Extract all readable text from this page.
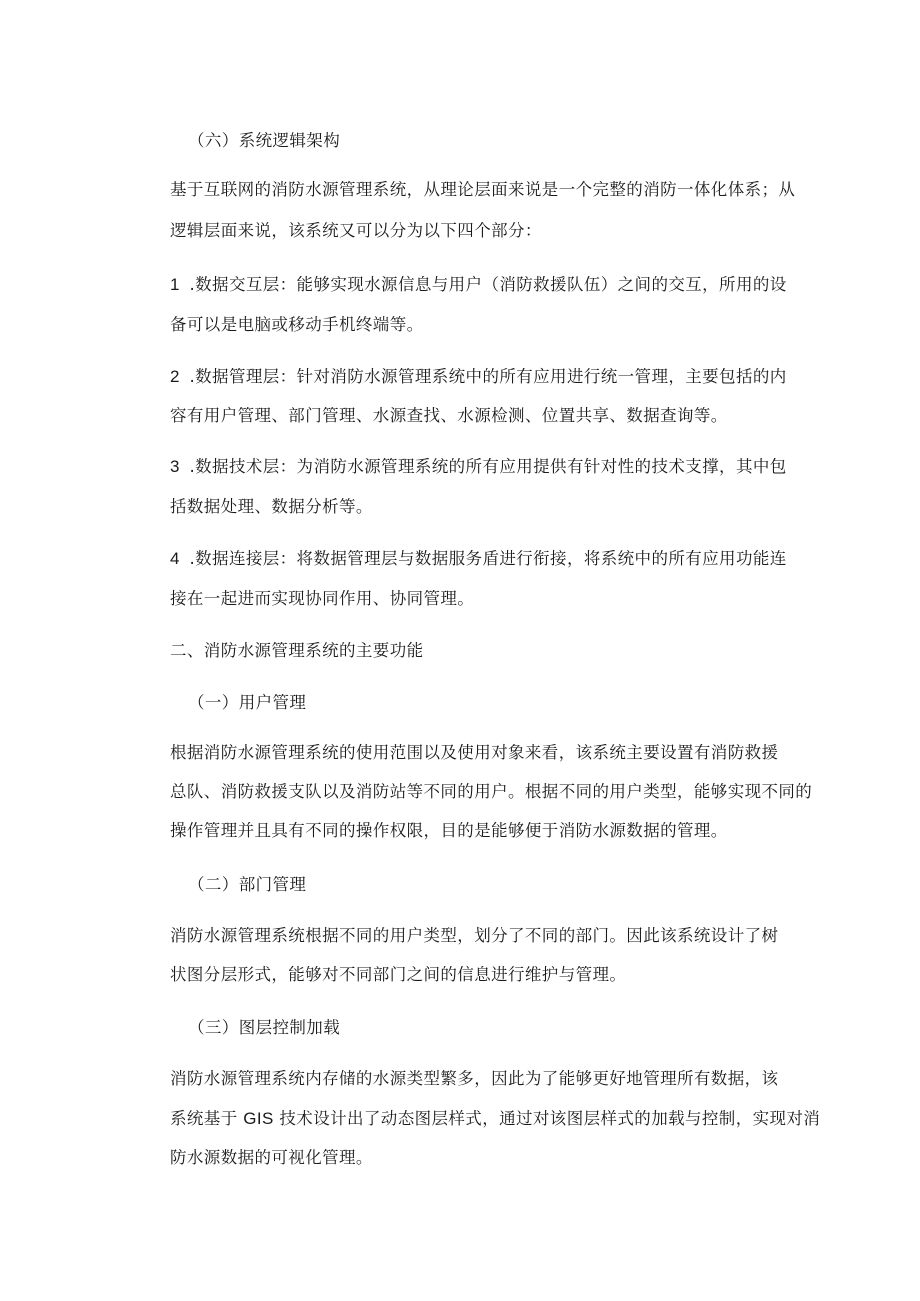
（六）系统逻辑架构
基于互联网的消防水源管理系统，从理论层面来说是一个完整的消防一体化体系；从
逻辑层面来说，该系统又可以分为以下四个部分：
1 .数据交互层：能够实现水源信息与用户（消防救援队伍）之间的交互，所用的设
备可以是电脑或移动手机终端等。
2 .数据管理层：针对消防水源管理系统中的所有应用进行统一管理，主要包括的内
容有用户管理、部门管理、水源查找、水源检测、位置共享、数据查询等。
3 .数据技术层：为消防水源管理系统的所有应用提供有针对性的技术支撑，其中包
括数据处理、数据分析等。
4 .数据连接层：将数据管理层与数据服务盾进行衔接，将系统中的所有应用功能连
接在一起进而实现协同作用、协同管理。
二、消防水源管理系统的主要功能
（一）用户管理
根据消防水源管理系统的使用范围以及使用对象来看，该系统主要设置有消防救援
总队、消防救援支队以及消防站等不同的用户。根据不同的用户类型，能够实现不同的
操作管理并且具有不同的操作权限，目的是能够便于消防水源数据的管理。
（二）部门管理
消防水源管理系统根据不同的用户类型，划分了不同的部门。因此该系统设计了树
状图分层形式，能够对不同部门之间的信息进行维护与管理。
（三）图层控制加载
消防水源管理系统内存储的水源类型繁多，因此为了能够更好地管理所有数据，该
系统基于 GIS 技术设计出了动态图层样式，通过对该图层样式的加载与控制，实现对消
防水源数据的可视化管理。
